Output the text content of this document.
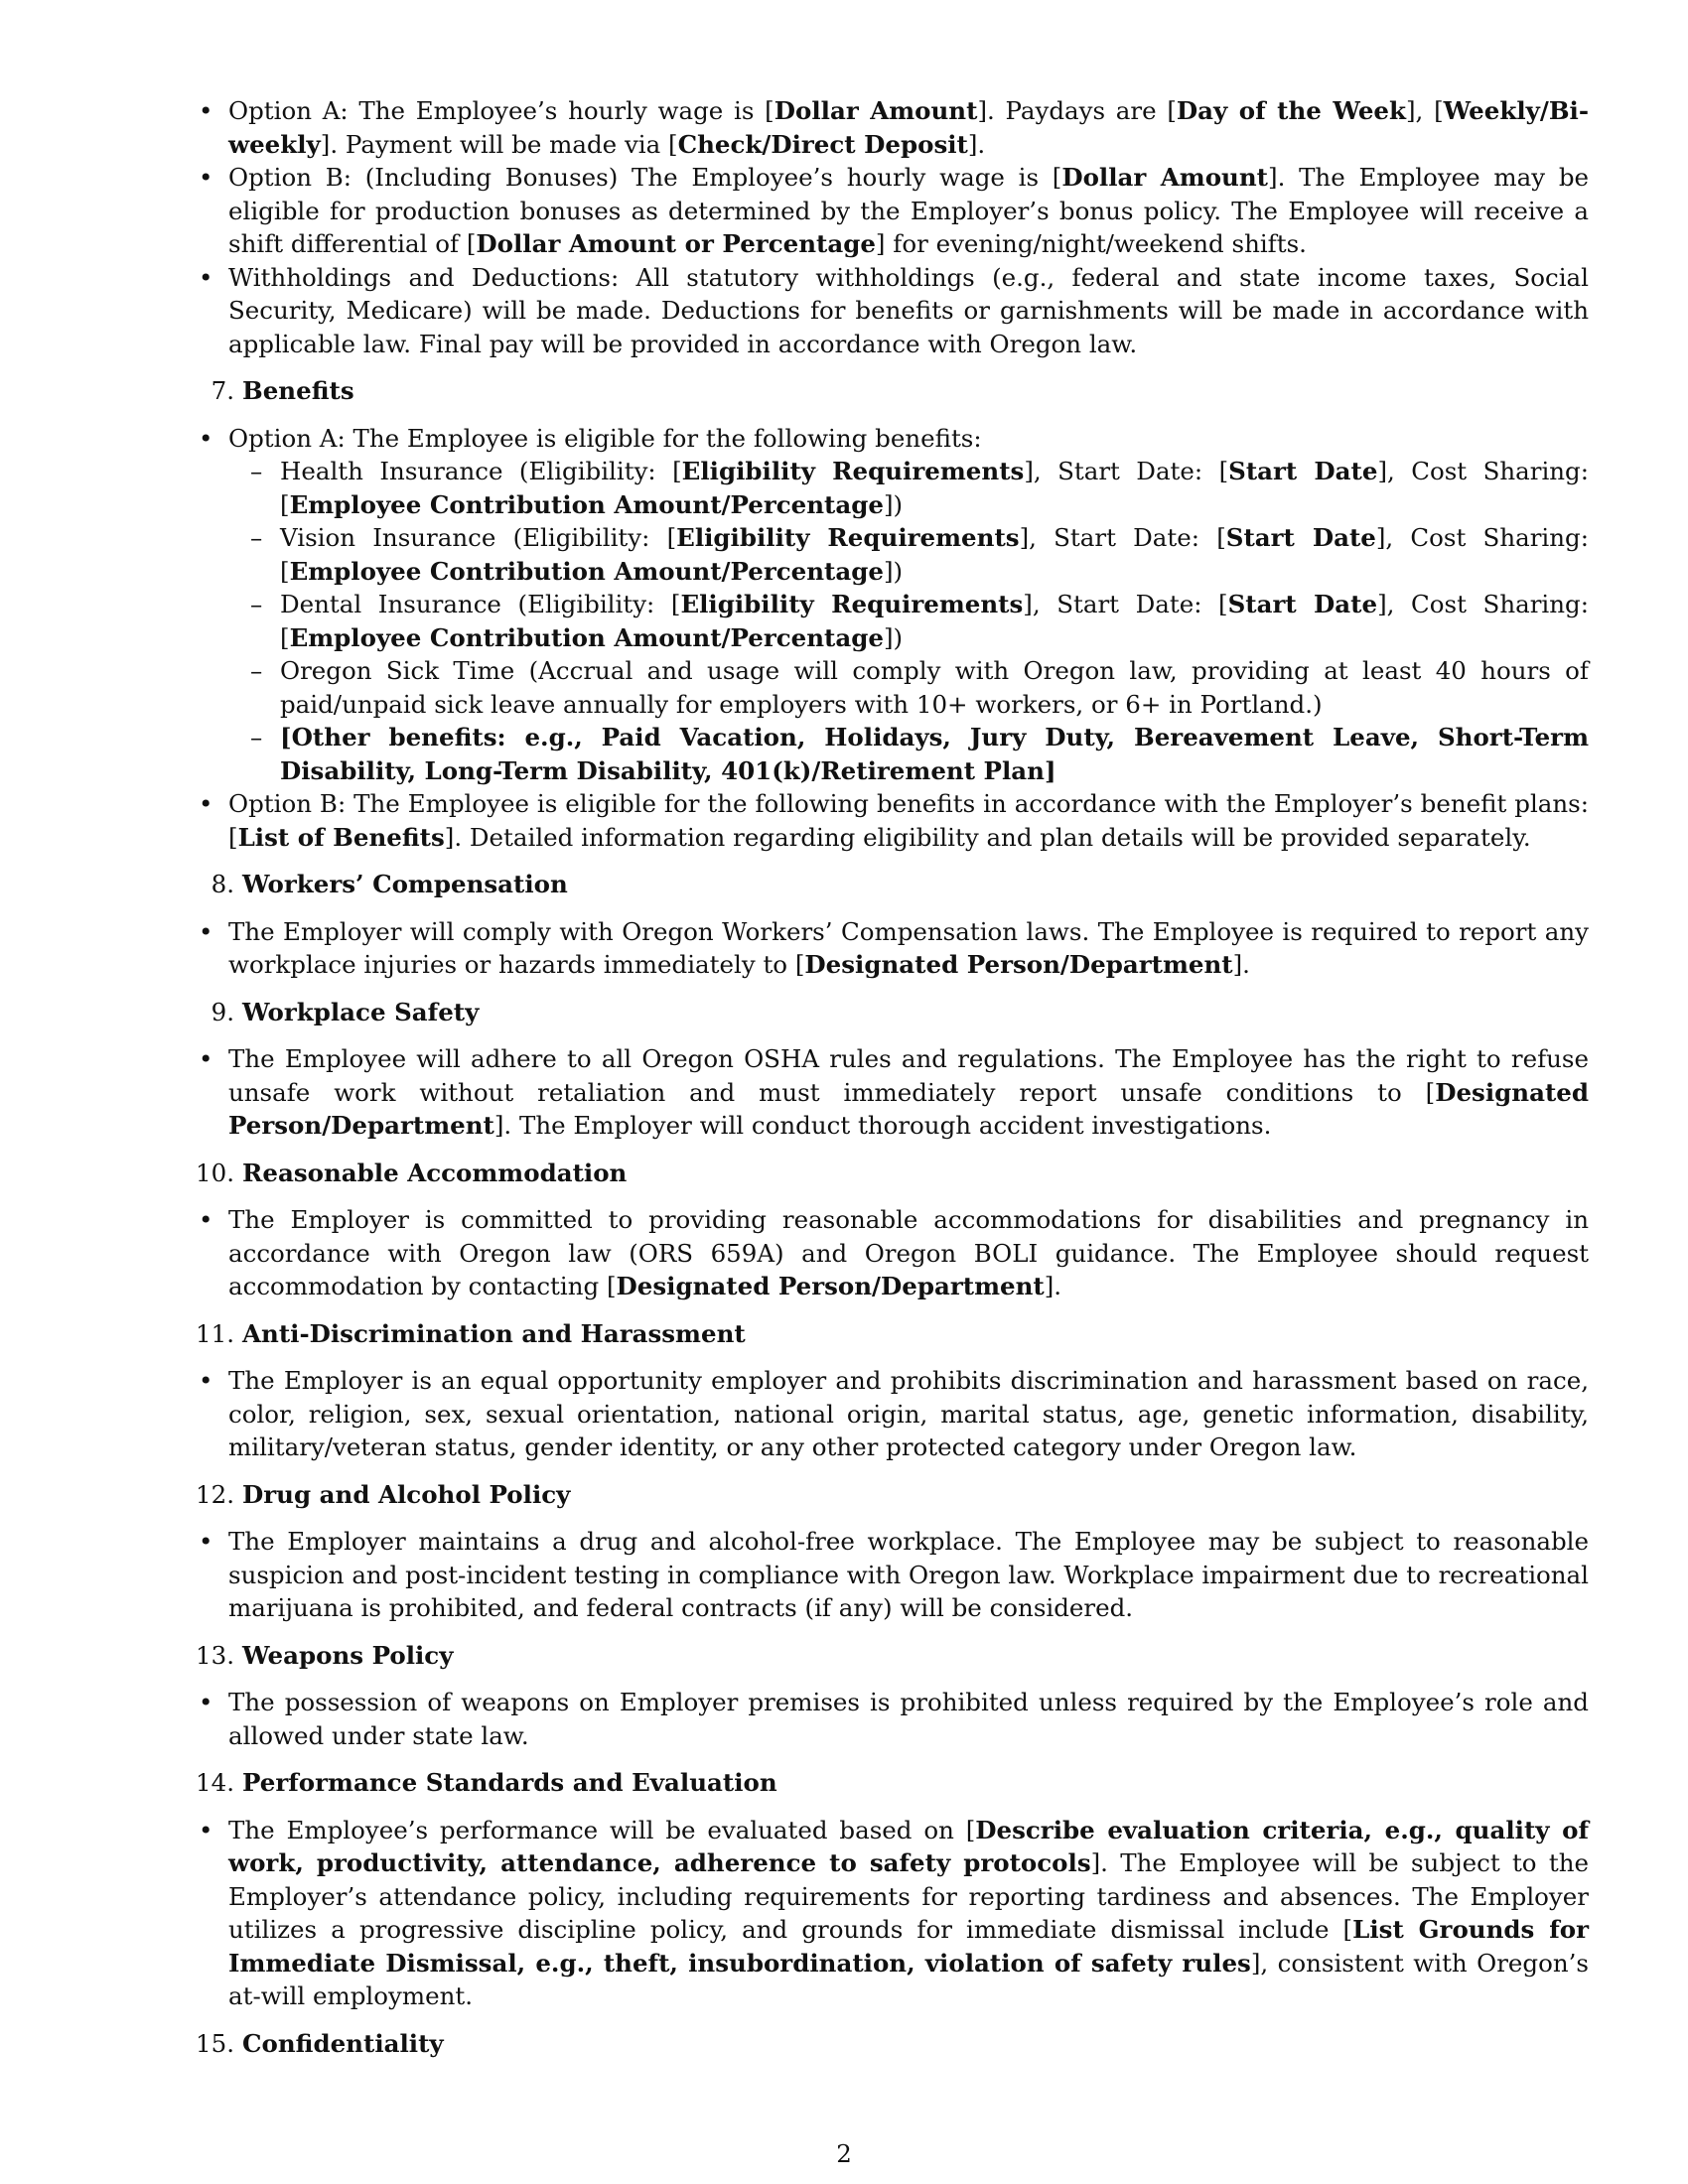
• Option A: The Employee’s hourly wage is [Dollar Amount]. Paydays are [Day of the Week], [Weekly/Bi-weekly]. Payment will be made via [Check/Direct Deposit].
• Option B: (Including Bonuses) The Employee’s hourly wage is [Dollar Amount]. The Employee may be eligible for production bonuses as determined by the Employer’s bonus policy. The Employee will receive a shift differential of [Dollar Amount or Percentage] for evening/night/weekend shifts.
• Withholdings and Deductions: All statutory withholdings (e.g., federal and state income taxes, Social Security, Medicare) will be made. Deductions for benefits or garnishments will be made in accordance with applicable law. Final pay will be provided in accordance with Oregon law.
7. Benefits
• Option A: The Employee is eligible for the following benefits:
– Health Insurance (Eligibility: [Eligibility Requirements], Start Date: [Start Date], Cost Sharing: [Employee Contribution Amount/Percentage])
– Vision Insurance (Eligibility: [Eligibility Requirements], Start Date: [Start Date], Cost Sharing: [Employee Contribution Amount/Percentage])
– Dental Insurance (Eligibility: [Eligibility Requirements], Start Date: [Start Date], Cost Sharing: [Employee Contribution Amount/Percentage])
– Oregon Sick Time (Accrual and usage will comply with Oregon law, providing at least 40 hours of paid/unpaid sick leave annually for employers with 10+ workers, or 6+ in Portland.)
– [Other benefits: e.g., Paid Vacation, Holidays, Jury Duty, Bereavement Leave, Short-Term Disability, Long-Term Disability, 401(k)/Retirement Plan]
• Option B: The Employee is eligible for the following benefits in accordance with the Employer’s benefit plans: [List of Benefits]. Detailed information regarding eligibility and plan details will be provided separately.
8. Workers’ Compensation
• The Employer will comply with Oregon Workers’ Compensation laws. The Employee is required to report any workplace injuries or hazards immediately to [Designated Person/Department].
9. Workplace Safety
• The Employee will adhere to all Oregon OSHA rules and regulations. The Employee has the right to refuse unsafe work without retaliation and must immediately report unsafe conditions to [Designated Person/Department]. The Employer will conduct thorough accident investigations.
10. Reasonable Accommodation
• The Employer is committed to providing reasonable accommodations for disabilities and pregnancy in accordance with Oregon law (ORS 659A) and Oregon BOLI guidance. The Employee should request accommodation by contacting [Designated Person/Department].
11. Anti-Discrimination and Harassment
• The Employer is an equal opportunity employer and prohibits discrimination and harassment based on race, color, religion, sex, sexual orientation, national origin, marital status, age, genetic information, disability, military/veteran status, gender identity, or any other protected category under Oregon law.
12. Drug and Alcohol Policy
• The Employer maintains a drug and alcohol-free workplace. The Employee may be subject to reasonable suspicion and post-incident testing in compliance with Oregon law. Workplace impairment due to recreational marijuana is prohibited, and federal contracts (if any) will be considered.
13. Weapons Policy
• The possession of weapons on Employer premises is prohibited unless required by the Employee’s role and allowed under state law.
14. Performance Standards and Evaluation
• The Employee’s performance will be evaluated based on [Describe evaluation criteria, e.g., quality of work, productivity, attendance, adherence to safety protocols]. The Employee will be subject to the Employer’s attendance policy, including requirements for reporting tardiness and absences. The Employer utilizes a progressive discipline policy, and grounds for immediate dismissal include [List Grounds for Immediate Dismissal, e.g., theft, insubordination, violation of safety rules], consistent with Oregon’s at-will employment.
15. Confidentiality
2
